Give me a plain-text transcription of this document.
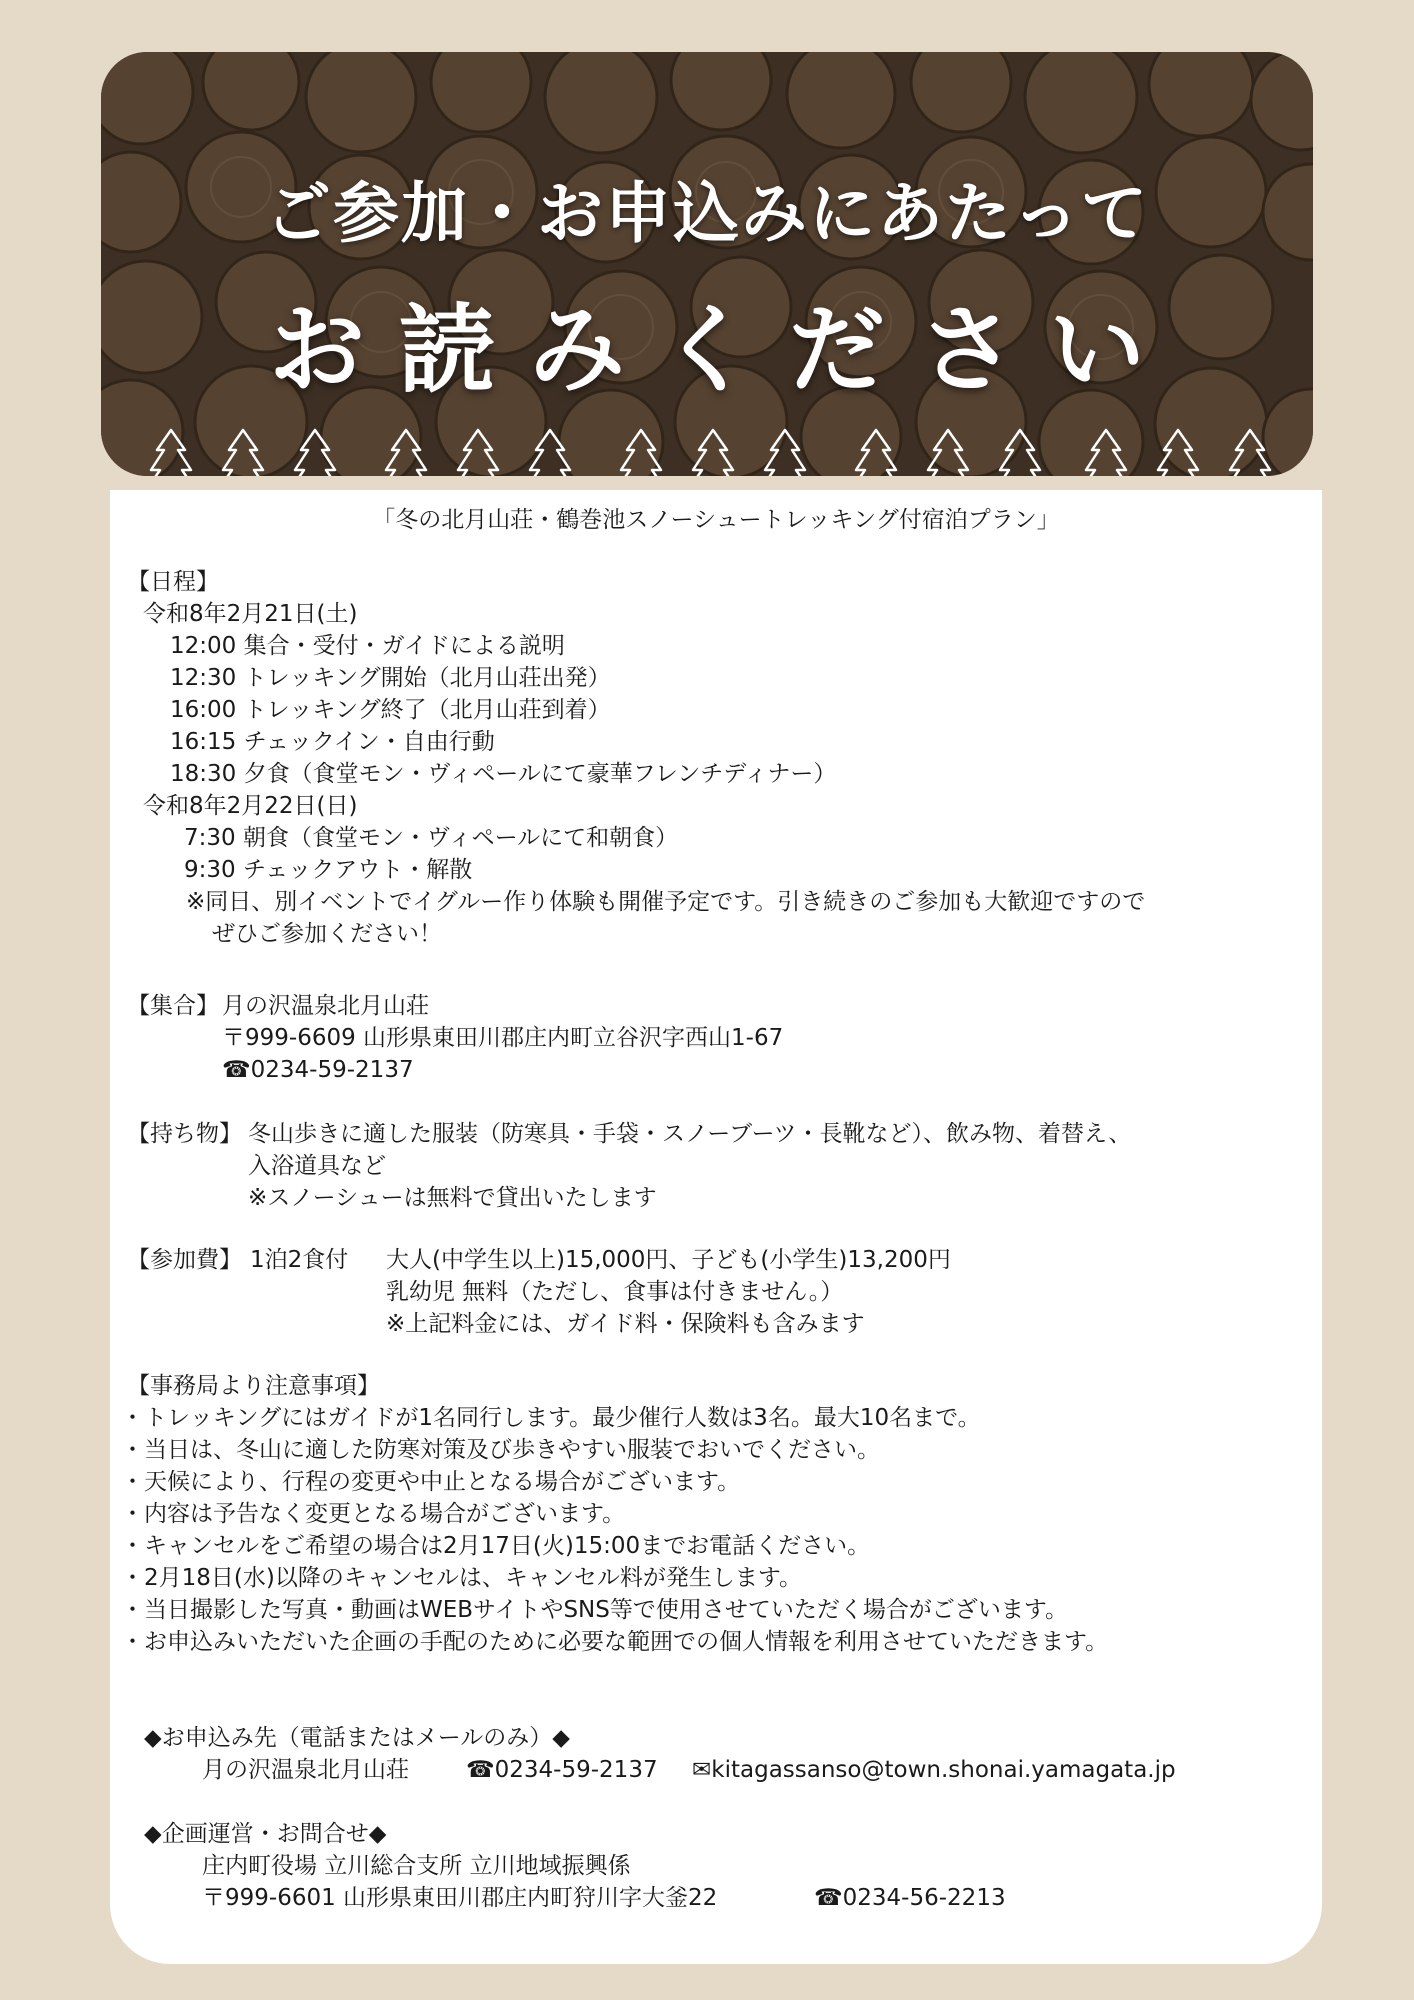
ご参加・お申込みにあたって
お読みください
「冬の北月山荘・鶴巻池スノーシュートレッキング付宿泊プラン」
【日程】
令和8年2月21日(土)
12:00 集合・受付・ガイドによる説明
12:30 トレッキング開始（北月山荘出発）
16:00 トレッキング終了（北月山荘到着）
16:15 チェックイン・自由行動
18:30 夕食（食堂モン・ヴィペールにて豪華フレンチディナー）
令和8年2月22日(日)
7:30 朝食（食堂モン・ヴィペールにて和朝食）
9:30 チェックアウト・解散
※同日、別イベントでイグルー作り体験も開催予定です。引き続きのご参加も大歓迎ですので
ぜひご参加ください！
【集合】 月の沢温泉北月山荘
〒999-6609 山形県東田川郡庄内町立谷沢字西山1-67
☎0234-59-2137
【持ち物】 冬山歩きに適した服装（防寒具・手袋・スノーブーツ・長靴など）、飲み物、着替え、
入浴道具など
※スノーシューは無料で貸出いたします
【参加費】 1泊2食付 大人(中学生以上)15,000円、子ども(小学生)13,200円
乳幼児 無料（ただし、食事は付きません。）
※上記料金には、ガイド料・保険料も含みます
【事務局より注意事項】
・トレッキングにはガイドが1名同行します。最少催行人数は3名。最大10名まで。
・当日は、冬山に適した防寒対策及び歩きやすい服装でおいでください。
・天候により、行程の変更や中止となる場合がございます。
・内容は予告なく変更となる場合がございます。
・キャンセルをご希望の場合は2月17日(火)15:00までお電話ください。
・2月18日(水)以降のキャンセルは、キャンセル料が発生します。
・当日撮影した写真・動画はWEBサイトやSNS等で使用させていただく場合がございます。
・お申込みいただいた企画の手配のために必要な範囲での個人情報を利用させていただきます。
◆お申込み先（電話またはメールのみ）◆
月の沢温泉北月山荘 ☎0234-59-2137 ✉kitagassanso@town.shonai.yamagata.jp
◆企画運営・お問合せ◆
庄内町役場 立川総合支所 立川地域振興係
〒999-6601 山形県東田川郡庄内町狩川字大釜22	☎0234-56-2213
